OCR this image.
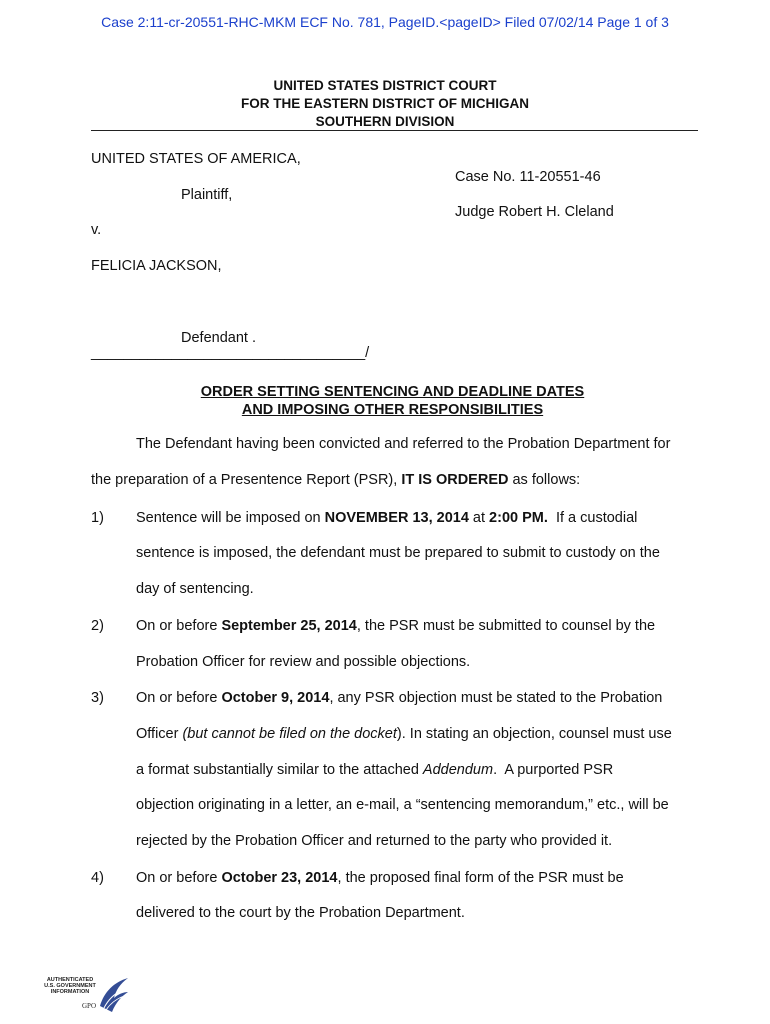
Case 2:11-cr-20551-RHC-MKM ECF No. 781, PageID.<pageID> Filed 07/02/14 Page 1 of 3
UNITED STATES DISTRICT COURT
FOR THE EASTERN DISTRICT OF MICHIGAN
SOUTHERN DIVISION
UNITED STATES OF AMERICA,
Case No. 11-20551-46
Plaintiff,
Judge Robert H. Cleland
v.
FELICIA JACKSON,
Defendant .
__________________________________/
ORDER SETTING SENTENCING AND DEADLINE DATES
AND IMPOSING OTHER RESPONSIBILITIES
The Defendant having been convicted and referred to the Probation Department for
the preparation of a Presentence Report (PSR), IT IS ORDERED as follows:
1) Sentence will be imposed on NOVEMBER 13, 2014 at 2:00 PM.  If a custodial
sentence is imposed, the defendant must be prepared to submit to custody on the
day of sentencing.
2) On or before September 25, 2014, the PSR must be submitted to counsel by the
Probation Officer for review and possible objections.
3) On or before October 9, 2014, any PSR objection must be stated to the Probation
Officer (but cannot be filed on the docket). In stating an objection, counsel must use
a format substantially similar to the attached Addendum.  A purported PSR
objection originating in a letter, an e-mail, a “sentencing memorandum,” etc., will be
rejected by the Probation Officer and returned to the party who provided it.
4) On or before October 23, 2014, the proposed final form of the PSR must be
delivered to the court by the Probation Department.
AUTHENTICATED
U.S. GOVERNMENT
INFORMATION
GPO
